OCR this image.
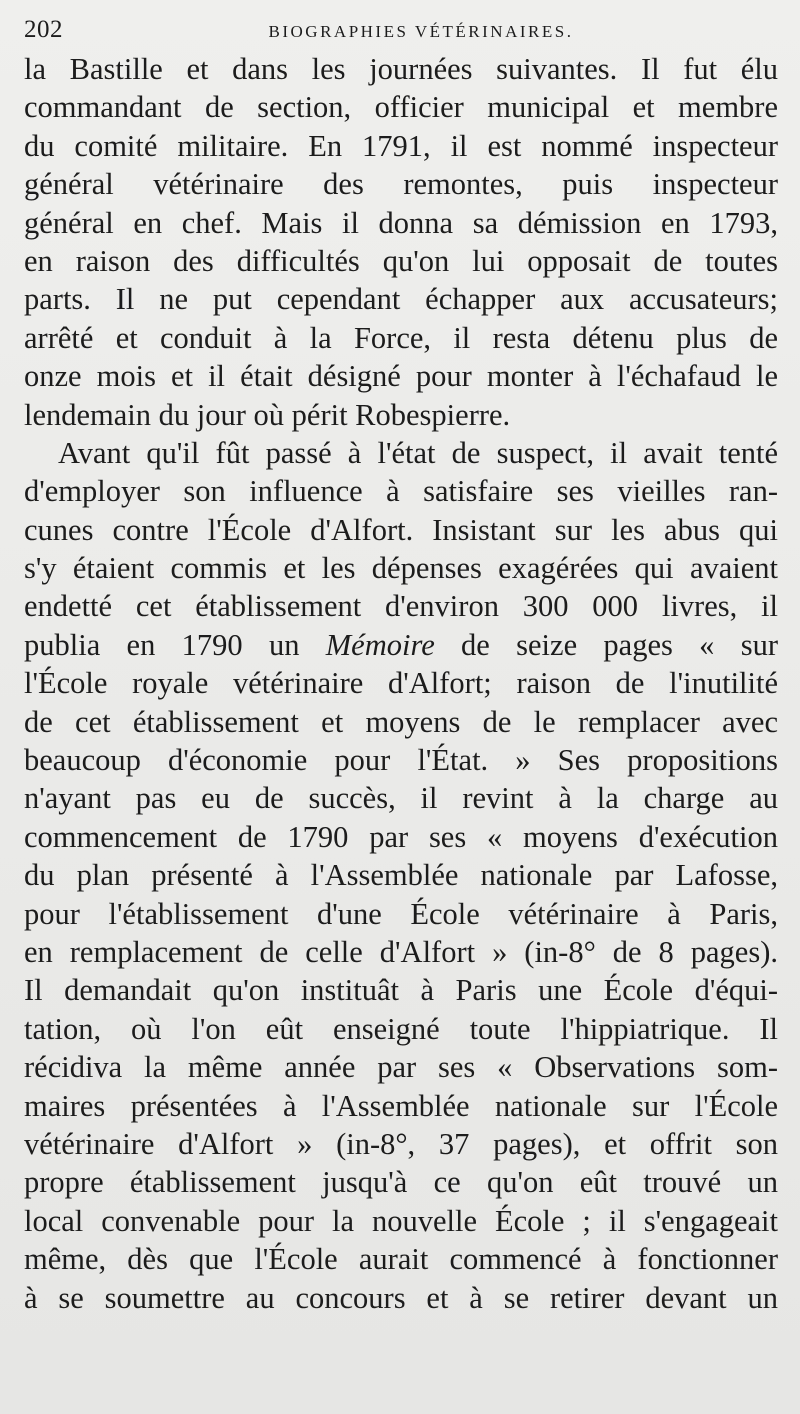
202	BIOGRAPHIES VÉTÉRINAIRES.
la Bastille et dans les journées suivantes. Il fut élu
commandant de section, officier municipal et membre
du comité militaire. En 1791, il est nommé inspecteur
général vétérinaire des remontes, puis inspecteur
général en chef. Mais il donna sa démission en 1793,
en raison des difficultés qu'on lui opposait de toutes
parts. Il ne put cependant échapper aux accusateurs;
arrêté et conduit à la Force, il resta détenu plus de
onze mois et il était désigné pour monter à l'échafaud le
lendemain du jour où périt Robespierre.
Avant qu'il fût passé à l'état de suspect, il avait tenté
d'employer son influence à satisfaire ses vieilles ran-
cunes contre l'École d'Alfort. Insistant sur les abus qui
s'y étaient commis et les dépenses exagérées qui avaient
endetté cet établissement d'environ 300 000 livres, il
publia en 1790 un Mémoire de seize pages « sur
l'École royale vétérinaire d'Alfort; raison de l'inutilité
de cet établissement et moyens de le remplacer avec
beaucoup d'économie pour l'État. » Ses propositions
n'ayant pas eu de succès, il revint à la charge au
commencement de 1790 par ses « moyens d'exécution
du plan présenté à l'Assemblée nationale par Lafosse,
pour l'établissement d'une École vétérinaire à Paris,
en remplacement de celle d'Alfort » (in-8° de 8 pages).
Il demandait qu'on instituât à Paris une École d'équi-
tation, où l'on eût enseigné toute l'hippiatrique. Il
récidiva la même année par ses « Observations som-
maires présentées à l'Assemblée nationale sur l'École
vétérinaire d'Alfort » (in-8°, 37 pages), et offrit son
propre établissement jusqu'à ce qu'on eût trouvé un
local convenable pour la nouvelle École ; il s'engageait
même, dès que l'École aurait commencé à fonctionner
à se soumettre au concours et à se retirer devant un
